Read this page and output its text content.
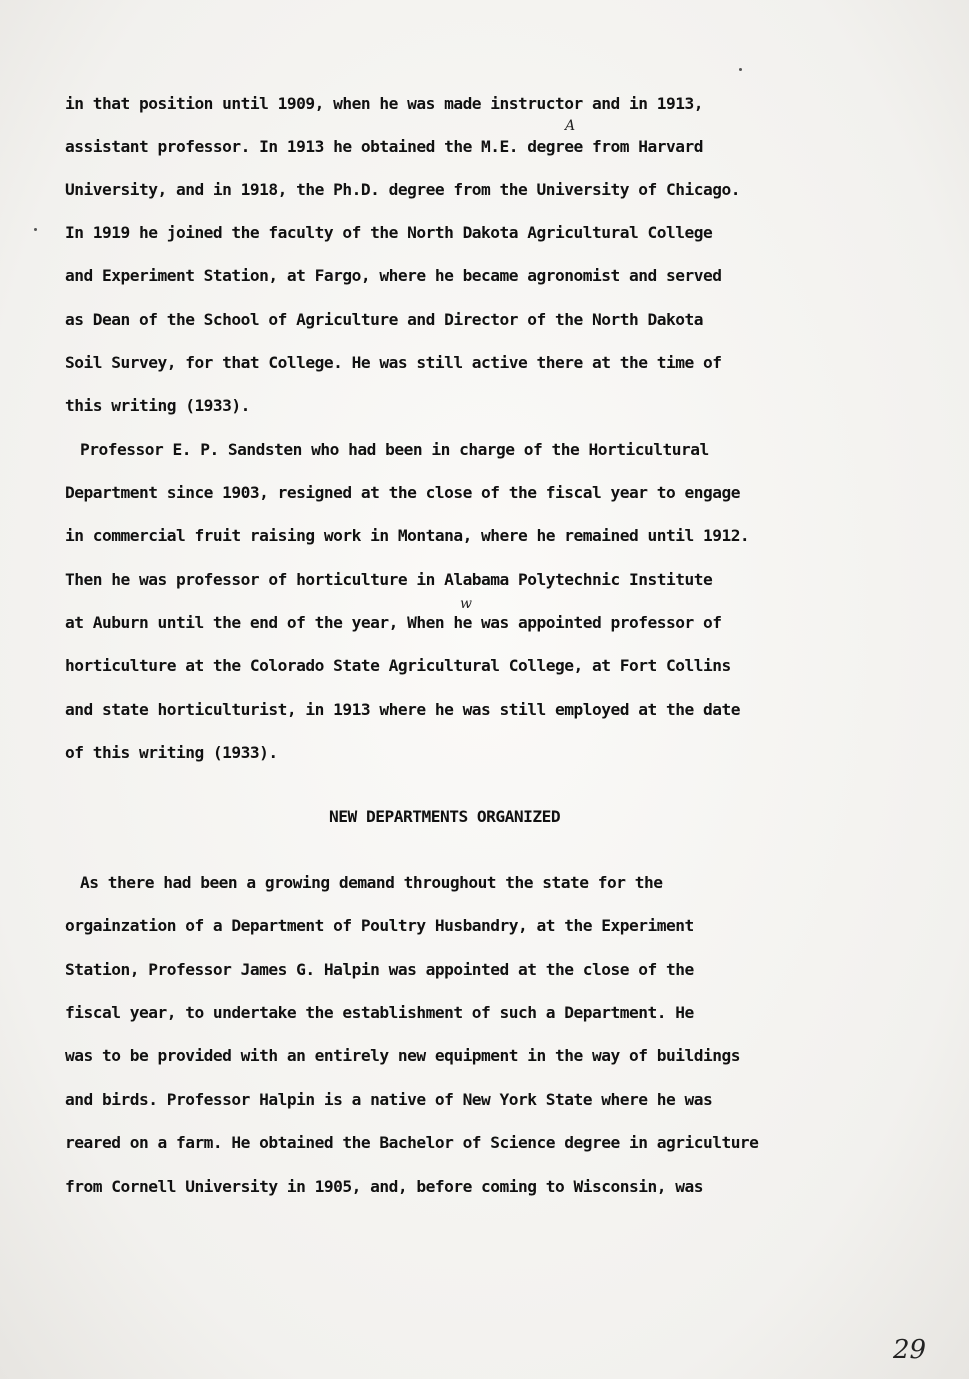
in that position until 1909, when he was made instructor and in 1913,

assistant professor. In 1913 he obtained the M.E. degree from Harvard

University, and in 1918, the Ph.D. degree from the University of Chicago.

In 1919 he joined the faculty of the North Dakota Agricultural College

and Experiment Station, at Fargo, where he became agronomist and served

as Dean of the School of Agriculture and Director of the North Dakota

Soil Survey, for that College. He was still active there at the time of

this writing (1933).

Professor E. P. Sandsten who had been in charge of the Horticultural

Department since 1903, resigned at the close of the fiscal year to engage

in commercial fruit raising work in Montana, where he remained until 1912.

Then he was professor of horticulture in Alabama Polytechnic Institute

at Auburn until the end of the year, When he was appointed professor of

horticulture at the Colorado State Agricultural College, at Fort Collins

and state horticulturist, in 1913 where he was still employed at the date

of this writing (1933).

NEW DEPARTMENTS ORGANIZED

As there had been a growing demand throughout the state for the

orgainzation of a Department of Poultry Husbandry, at the Experiment

Station, Professor James G. Halpin was appointed at the close of the

fiscal year, to undertake the establishment of such a Department. He

was to be provided with an entirely new equipment in the way of buildings

and birds. Professor Halpin is a native of New York State where he was

reared on a farm. He obtained the Bachelor of Science degree in agriculture

from Cornell University in 1905, and, before coming to Wisconsin, was

A
w
29
